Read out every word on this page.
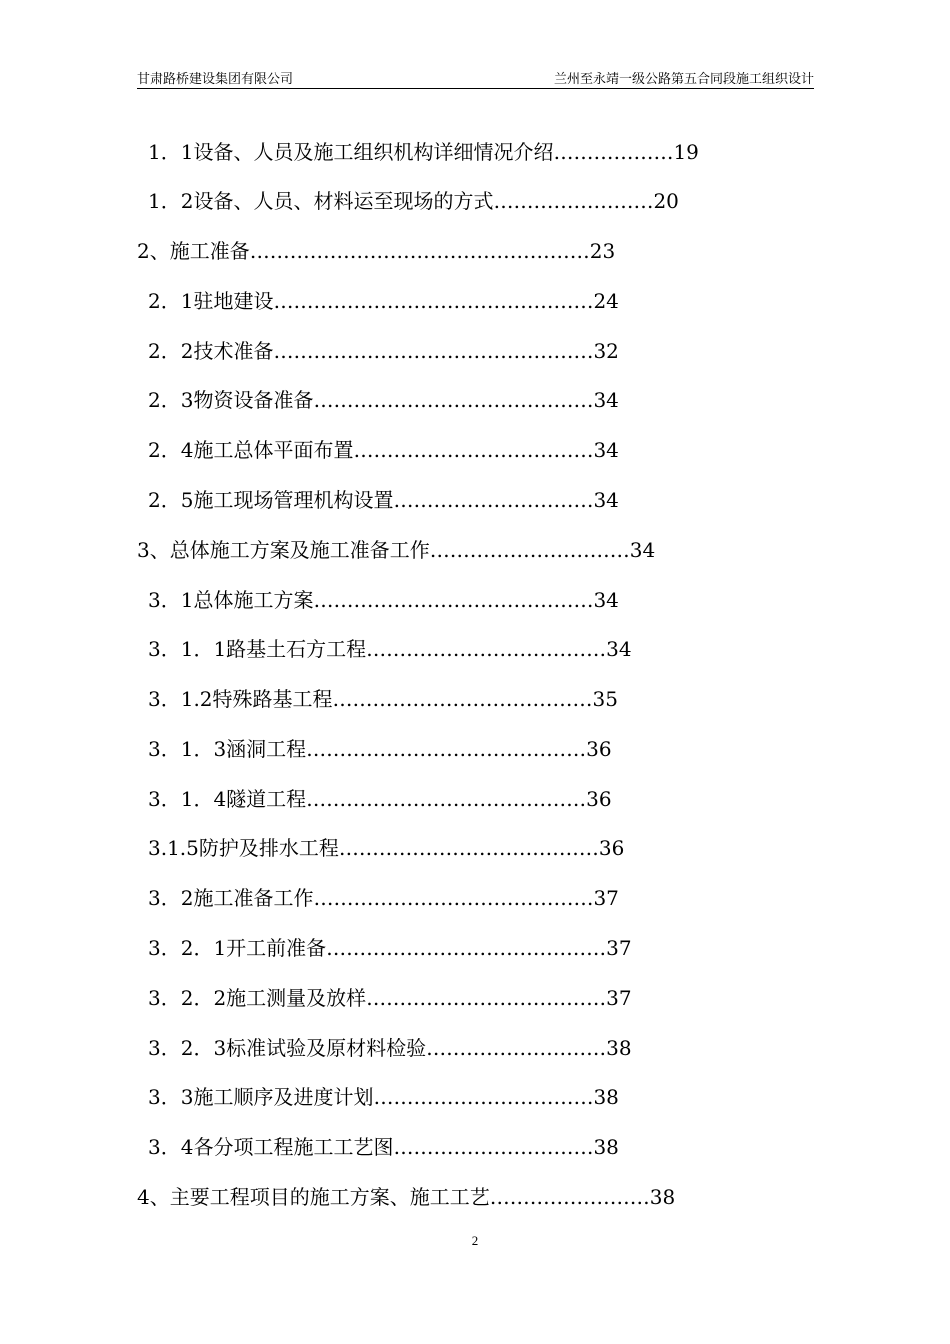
甘肃路桥建设集团有限公司	兰州至永靖一级公路第五合同段施工组织设计
1．1设备、人员及施工组织机构详细情况介绍………………19
1．2设备、人员、材料运至现场的方式……………………20
2、施工准备……………………………………………23
2．1驻地建设…………………………………………24
2．2技术准备…………………………………………32
2．3物资设备准备……………………………………34
2．4施工总体平面布置………………………………34
2．5施工现场管理机构设置…………………………34
3、总体施工方案及施工准备工作…………………………34
3．1总体施工方案……………………………………34
3．1．1路基土石方工程………………………………34
3．1.2特殊路基工程…………………………………35
3．1．3涵洞工程……………………………………36
3．1．4隧道工程……………………………………36
3.1.5防护及排水工程…………………………………36
3．2施工准备工作……………………………………37
3．2．1开工前准备……………………………………37
3．2．2施工测量及放样………………………………37
3．2．3标准试验及原材料检验………………………38
3．3施工顺序及进度计划……………………………38
3．4各分项工程施工工艺图…………………………38
4、主要工程项目的施工方案、施工工艺……………………38
2
